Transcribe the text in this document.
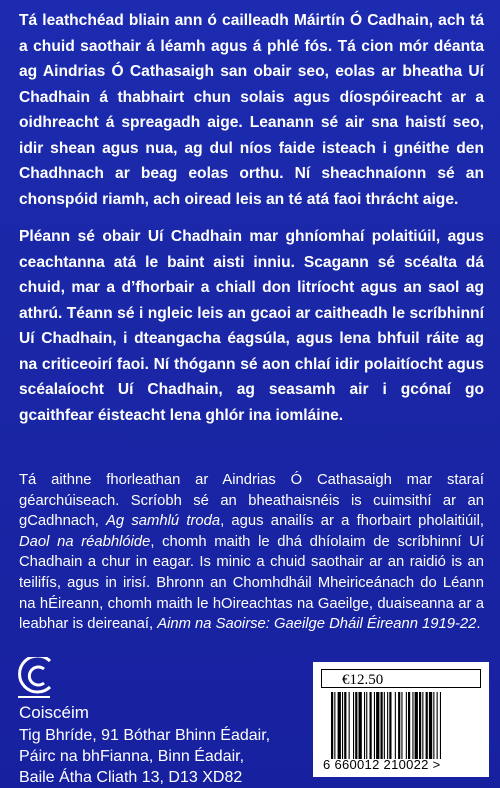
Tá leathchéad bliain ann ó cailleadh Máirtín Ó Cadhain, ach tá a chuid saothair á léamh agus á phlé fós. Tá cion mór déanta ag Aindrias Ó Cathasaigh san obair seo, eolas ar bheatha Uí Chadhain á thabhairt chun solais agus díospóireacht ar a oidhreacht á spreagadh aige. Leanann sé air sna haistí seo, idir shean agus nua, ag dul níos faide isteach i gnéithe den Chadhnach ar beag eolas orthu. Ní sheachnaíonn sé an chonspóid riamh, ach oiread leis an té atá faoi thrácht aige.

Pléann sé obair Uí Chadhain mar ghníomhaí polaitiúil, agus ceachtanna atá le baint aisti inniu. Scagann sé scéalta dá chuid, mar a d’fhorbair a chiall don litríocht agus an saol ag athrú. Téann sé i ngleic leis an gcaoi ar caitheadh le scríbhinní Uí Chadhain, i dteangacha éagsúla, agus lena bhfuil ráite ag na criticeoirí faoi. Ní thógann sé aon chlaí idir polaitíocht agus scéalaíocht Uí Chadhain, ag seasamh air i gcónaí go gcaithfear éisteacht lena ghlór ina iomláine.

Tá aithne fhorleathan ar Aindrias Ó Cathasaigh mar staraí géarchúiseach. Scríobh sé an bheathaisnéis is cuimsithí ar an gCadhnach, Ag samhlú troda, agus anailís ar a fhorbairt pholaitiúil, Daol na réabhlóide, chomh maith le dhá dhíolaim de scríbhinní Uí Chadhain a chur in eagar. Is minic a chuid saothair ar an raidió is an teilifís, agus in irisí. Bhronn an Chomhdháil Mheiriceánach do Léann na hÉireann, chomh maith le hOireachtas na Gaeilge, duaiseanna ar a leabhar is deireanaí, Ainm na Saoirse: Gaeilge Dháil Éireann 1919-22.

Coiscéim

Tig Bhríde, 91 Bóthar Bhinn Éadair,
Páirc na bhFianna, Binn Éadair,
Baile Átha Cliath 13, D13 XD82
€12.50
6 660012 210022 >
